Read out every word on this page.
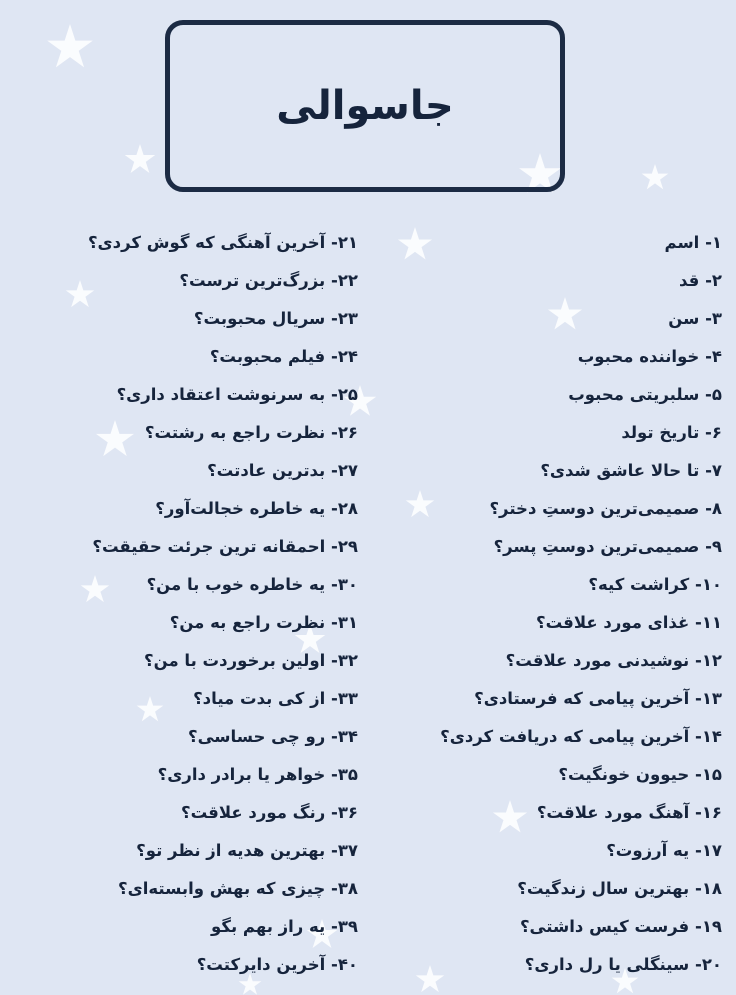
جاسوالی
۱- اسم
۲- قد
۳- سن
۴- خواننده محبوب
۵- سلبریتی محبوب
۶- تاریخ تولد
۷- تا حالا عاشق شدی؟
۸- صمیمی‌ترین دوستِ دختر؟
۹- صمیمی‌ترین دوستِ پسر؟
۱۰- کراشت کیه؟
۱۱- غذای مورد علاقت؟
۱۲- نوشیدنی مورد علاقت؟
۱۳- آخرین پیامی که فرستادی؟
۱۴- آخرین پیامی که دریافت کردی؟
۱۵- حیوون خونگیت؟
۱۶- آهنگ مورد علاقت؟
۱۷- یه آرزوت؟
۱۸- بهترین سال زندگیت؟
۱۹- فرست کیس داشتی؟
۲۰- سینگلی یا رل داری؟
۲۱- آخرین آهنگی که گوش کردی؟
۲۲- بزرگ‌ترین ترست؟
۲۳- سریال محبوبت؟
۲۴- فیلم محبوبت؟
۲۵- به سرنوشت اعتقاد داری؟
۲۶- نظرت راجع به رشتت؟
۲۷- بدترین عادتت؟
۲۸- یه خاطره خجالت‌آور؟
۲۹- احمقانه ترین جرئت حقیقت؟
۳۰- یه خاطره خوب با من؟
۳۱- نظرت راجع به من؟
۳۲- اولین برخوردت با من؟
۳۳- از کی بدت میاد؟
۳۴- رو چی حساسی؟
۳۵- خواهر یا برادر داری؟
۳۶- رنگ مورد علاقت؟
۳۷- بهترین هدیه از نظر تو؟
۳۸- چیزی که بهش وابسته‌ای؟
۳۹- یه راز بهم بگو
۴۰- آخرین دایرکتت؟
